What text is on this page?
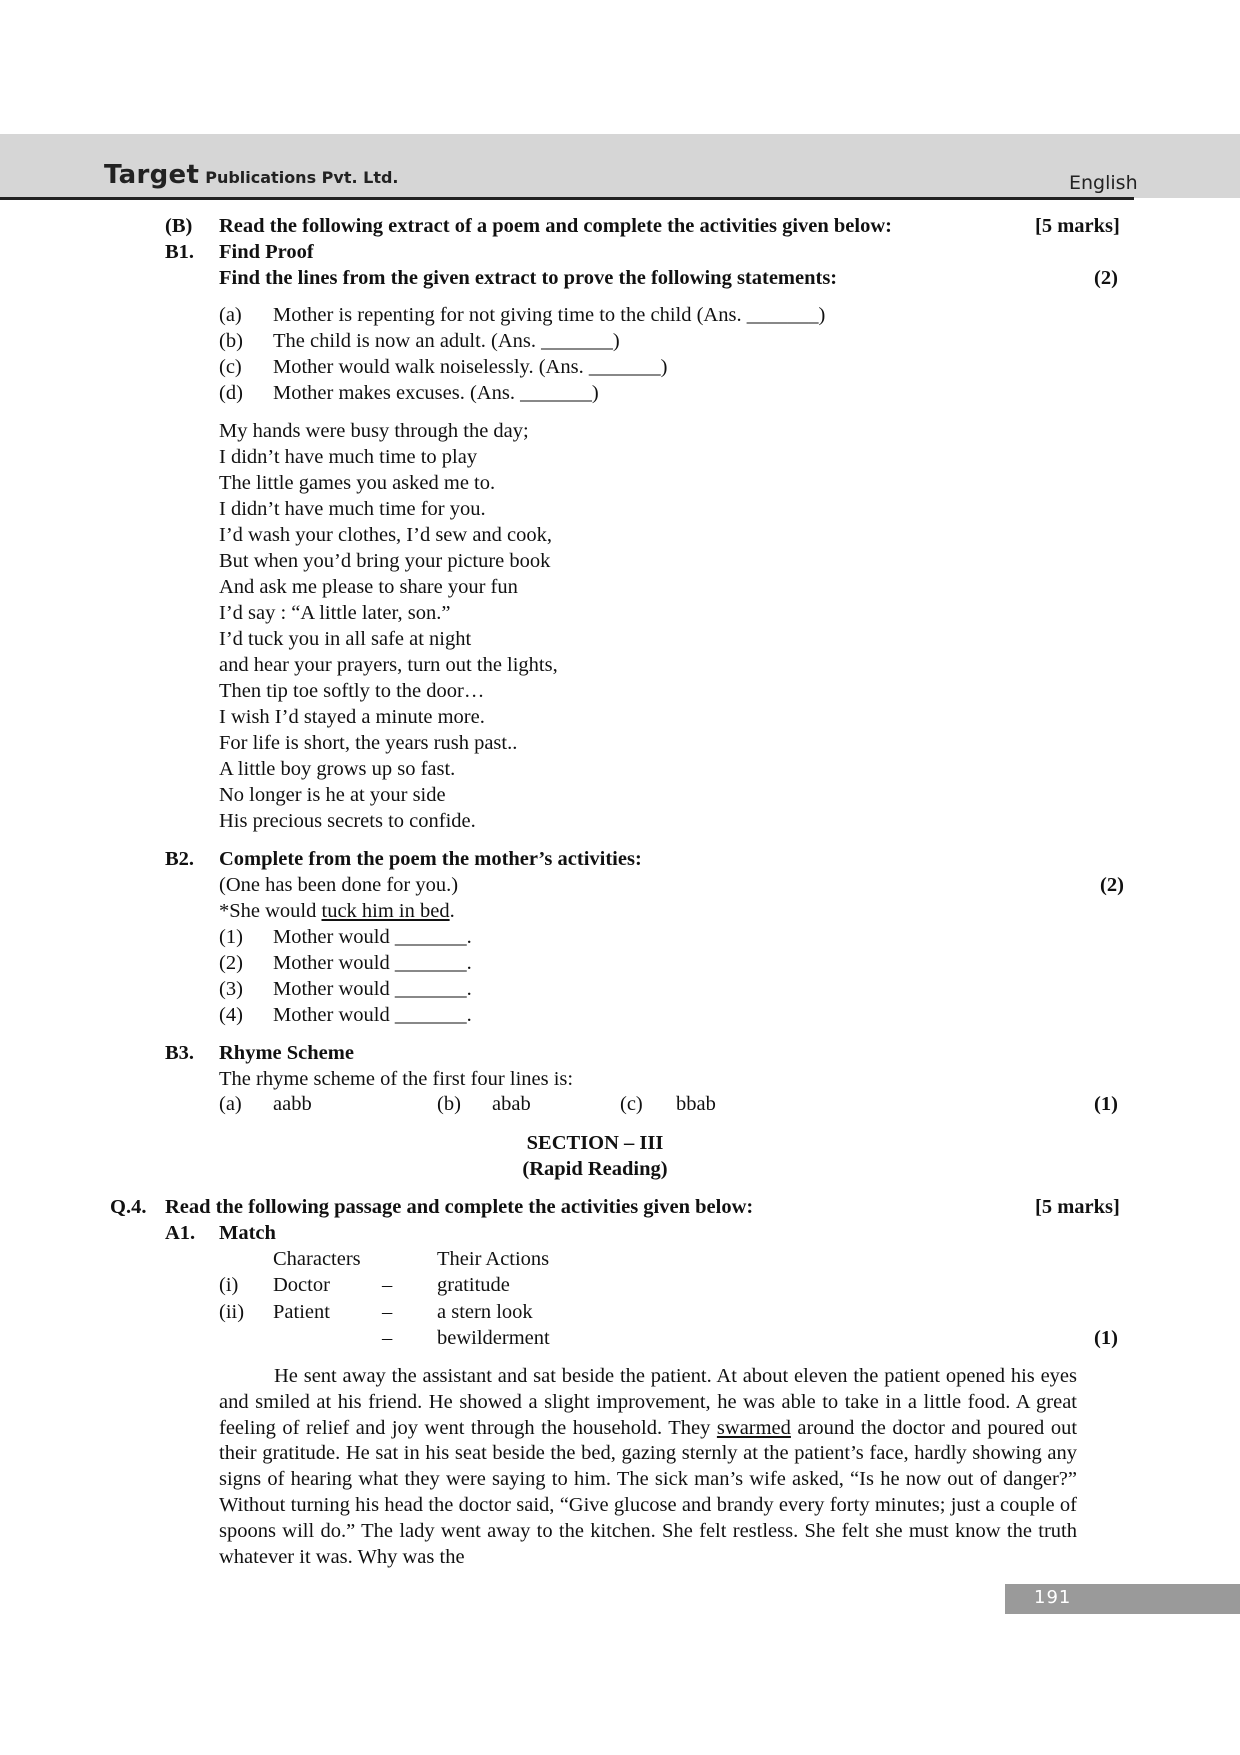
Target Publications Pvt. Ltd.	English
(B) Read the following extract of a poem and complete the activities given below:	[5 marks]
B1. Find Proof
Find the lines from the given extract to prove the following statements:	(2)
(a) Mother is repenting for not giving time to the child (Ans. _______)
(b) The child is now an adult. (Ans. _______)
(c) Mother would walk noiselessly. (Ans. _______)
(d) Mother makes excuses. (Ans. _______)
My hands were busy through the day;
I didn’t have much time to play
The little games you asked me to.
I didn’t have much time for you.
I’d wash your clothes, I’d sew and cook,
But when you’d bring your picture book
And ask me please to share your fun
I’d say : “A little later, son.”
I’d tuck you in all safe at night
and hear your prayers, turn out the lights,
Then tip toe softly to the door…
I wish I’d stayed a minute more.
For life is short, the years rush past..
A little boy grows up so fast.
No longer is he at your side
His precious secrets to confide.
B2. Complete from the poem the mother’s activities:
(One has been done for you.)	(2)
*She would tuck him in bed.
(1) Mother would _______.
(2) Mother would _______.
(3) Mother would _______.
(4) Mother would _______.
B3. Rhyme Scheme
The rhyme scheme of the first four lines is:
(a) aabb	(b) abab	(c) bbab	(1)
SECTION – III
(Rapid Reading)
Q.4. Read the following passage and complete the activities given below:	[5 marks]
A1. Match
Characters	Their Actions
(i) Doctor	– gratitude
(ii) Patient	– a stern look
– bewilderment	(1)
He sent away the assistant and sat beside the patient. At about eleven the patient opened his eyes and smiled at his friend. He showed a slight improvement, he was able to take in a little food. A great feeling of relief and joy went through the household. They swarmed around the doctor and poured out their gratitude. He sat in his seat beside the bed, gazing sternly at the patient’s face, hardly showing any signs of hearing what they were saying to him. The sick man’s wife asked, “Is he now out of danger?” Without turning his head the doctor said, “Give glucose and brandy every forty minutes; just a couple of spoons will do.” The lady went away to the kitchen. She felt restless. She felt she must know the truth whatever it was. Why was the
191
